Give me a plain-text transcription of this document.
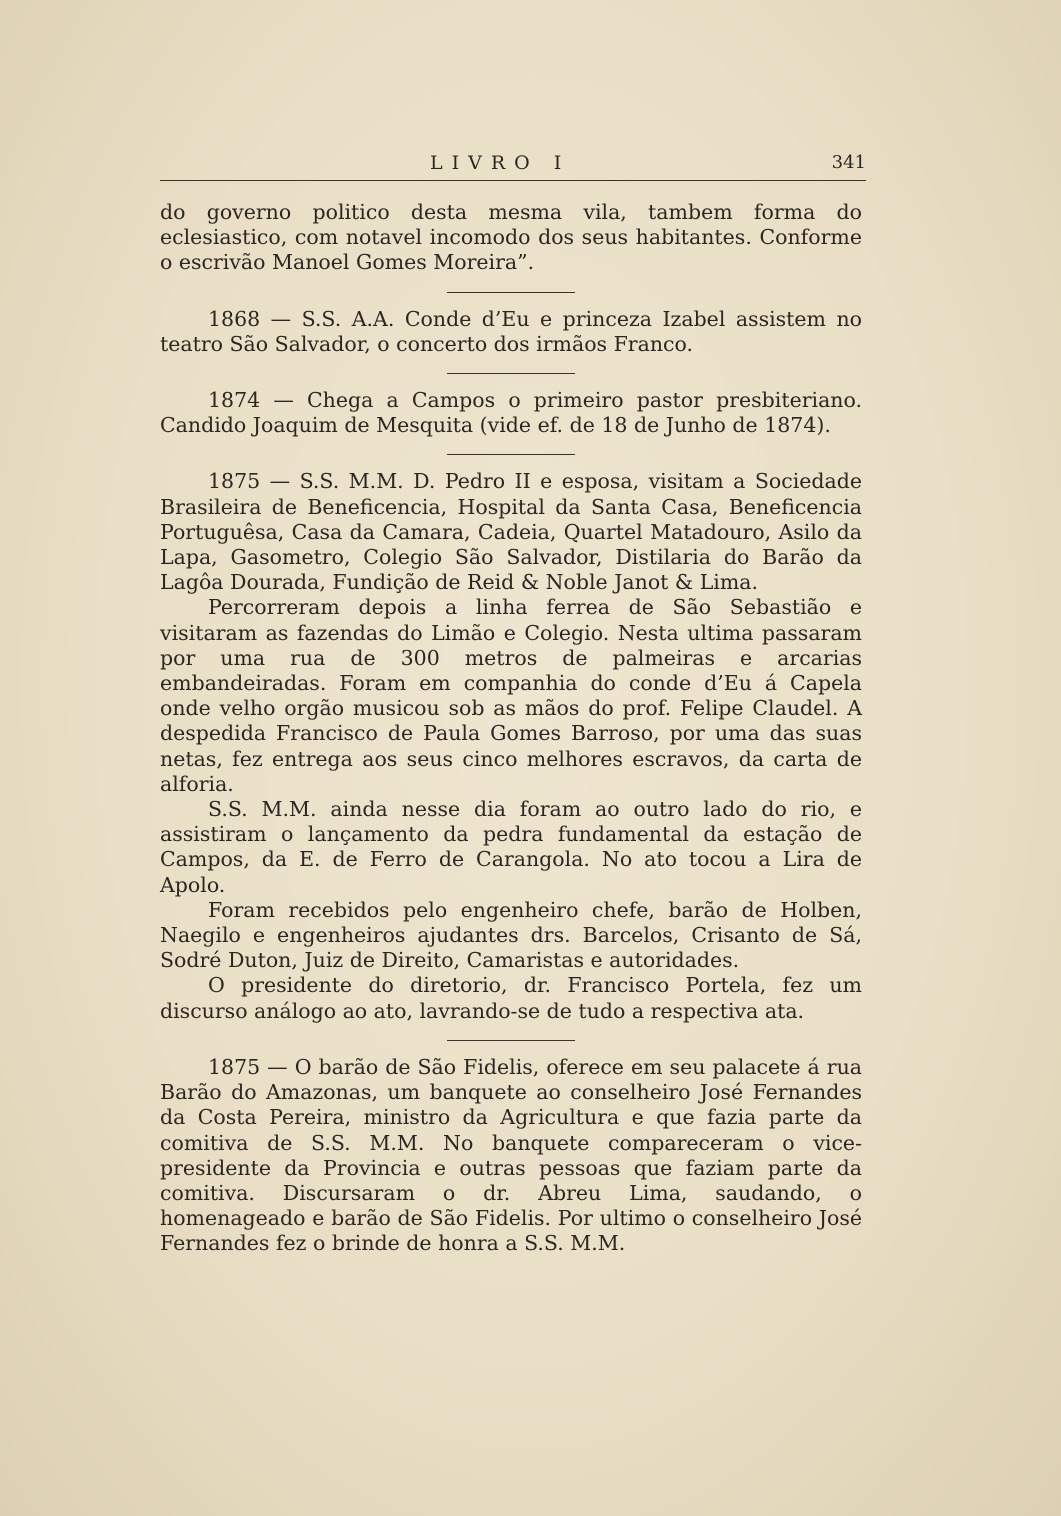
LIVRO I	341

do governo politico desta mesma vila, tambem forma do eclesiastico, com notavel incomodo dos seus habitantes. Conforme o escrivão Manoel Gomes Moreira”.

1868 — S.S. A.A. Conde d’Eu e princeza Izabel assistem no teatro São Salvador, o concerto dos irmãos Franco.

1874 — Chega a Campos o primeiro pastor presbiteriano. Candido Joaquim de Mesquita (vide ef. de 18 de Junho de 1874).

1875 — S.S. M.M. D. Pedro II e esposa, visitam a Sociedade Brasileira de Beneficencia, Hospital da Santa Casa, Beneficencia Portuguêsa, Casa da Camara, Cadeia, Quartel Matadouro, Asilo da Lapa, Gasometro, Colegio São Salvador, Distilaria do Barão da Lagôa Dourada, Fundição de Reid & Noble Janot & Lima.

Percorreram depois a linha ferrea de São Sebastião e visitaram as fazendas do Limão e Colegio. Nesta ultima passaram por uma rua de 300 metros de palmeiras e arcarias embandeiradas. Foram em companhia do conde d’Eu á Capela onde velho orgão musicou sob as mãos do prof. Felipe Claudel. A despedida Francisco de Paula Gomes Barroso, por uma das suas netas, fez entrega aos seus cinco melhores escravos, da carta de alforia.

S.S. M.M. ainda nesse dia foram ao outro lado do rio, e assistiram o lançamento da pedra fundamental da estação de Campos, da E. de Ferro de Carangola. No ato tocou a Lira de Apolo.

Foram recebidos pelo engenheiro chefe, barão de Holben, Naegilo e engenheiros ajudantes drs. Barcelos, Crisanto de Sá, Sodré Duton, Juiz de Direito, Camaristas e autoridades.

O presidente do diretorio, dr. Francisco Portela, fez um discurso análogo ao ato, lavrando-se de tudo a respectiva ata.

1875 — O barão de São Fidelis, oferece em seu palacete á rua Barão do Amazonas, um banquete ao conselheiro José Fernandes da Costa Pereira, ministro da Agricultura e que fazia parte da comitiva de S.S. M.M. No banquete compareceram o vice-presidente da Provincia e outras pessoas que faziam parte da comitiva. Discursaram o dr. Abreu Lima, saudando, o homenageado e barão de São Fidelis. Por ultimo o conselheiro José Fernandes fez o brinde de honra a S.S. M.M.
